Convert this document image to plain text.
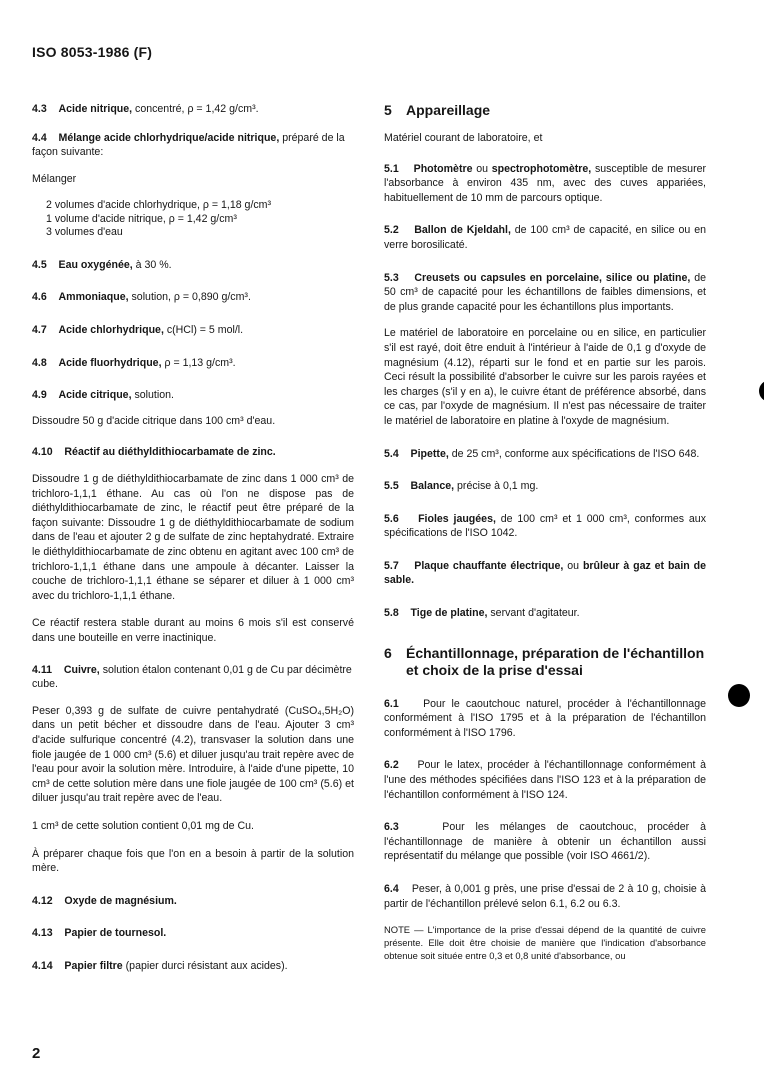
ISO 8053-1986 (F)
4.3 Acide nitrique, concentré, ρ = 1,42 g/cm³.
4.4 Mélange acide chlorhydrique/acide nitrique, préparé de la façon suivante:
Mélanger
2 volumes d'acide chlorhydrique, ρ = 1,18 g/cm³
1 volume d'acide nitrique, ρ = 1,42 g/cm³
3 volumes d'eau
4.5 Eau oxygénée, à 30 %.
4.6 Ammoniaque, solution, ρ = 0,890 g/cm³.
4.7 Acide chlorhydrique, c(HCl) = 5 mol/l.
4.8 Acide fluorhydrique, ρ = 1,13 g/cm³.
4.9 Acide citrique, solution.
Dissoudre 50 g d'acide citrique dans 100 cm³ d'eau.
4.10 Réactif au diéthyldithiocarbamate de zinc.
Dissoudre 1 g de diéthyldithiocarbamate de zinc dans 1 000 cm³ de trichloro-1,1,1 éthane. Au cas où l'on ne dispose pas de diéthyldithiocarbamate de zinc, le réactif peut être préparé de la façon suivante: Dissoudre 1 g de diéthyldithiocarbamate de sodium dans de l'eau et ajouter 2 g de sulfate de zinc heptahydraté. Extraire le diéthyldithiocarbamate de zinc obtenu en agitant avec 100 cm³ de trichloro-1,1,1 éthane dans une ampoule à décanter. Laisser la couche de trichloro-1,1,1 éthane se séparer et diluer à 1 000 cm³ avec du trichloro-1,1,1 éthane.
Ce réactif restera stable durant au moins 6 mois s'il est conservé dans une bouteille en verre inactinique.
4.11 Cuivre, solution étalon contenant 0,01 g de Cu par décimètre cube.
Peser 0,393 g de sulfate de cuivre pentahydraté (CuSO₄,5H₂O) dans un petit bécher et dissoudre dans de l'eau. Ajouter 3 cm³ d'acide sulfurique concentré (4.2), transvaser la solution dans une fiole jaugée de 1 000 cm³ (5.6) et diluer jusqu'au trait repère avec de l'eau pour avoir la solution mère. Introduire, à l'aide d'une pipette, 10 cm³ de cette solution mère dans une fiole jaugée de 100 cm³ (5.6) et diluer jusqu'au trait repère avec de l'eau.
1 cm³ de cette solution contient 0,01 mg de Cu.
À préparer chaque fois que l'on en a besoin à partir de la solution mère.
4.12 Oxyde de magnésium.
4.13 Papier de tournesol.
4.14 Papier filtre (papier durci résistant aux acides).
5 Appareillage
Matériel courant de laboratoire, et
5.1 Photomètre ou spectrophotomètre, susceptible de mesurer l'absorbance à environ 435 nm, avec des cuves appariées, habituellement de 10 mm de parcours optique.
5.2 Ballon de Kjeldahl, de 100 cm³ de capacité, en silice ou en verre borosilicaté.
5.3 Creusets ou capsules en porcelaine, silice ou platine, de 50 cm³ de capacité pour les échantillons de faibles dimensions, et de plus grande capacité pour les échantillons plus importants.
Le matériel de laboratoire en porcelaine ou en silice, en particulier s'il est rayé, doit être enduit à l'intérieur à l'aide de 0,1 g d'oxyde de magnésium (4.12), réparti sur le fond et en partie sur les parois. Ceci résult la possibilité d'absorber le cuivre sur les parois rayées et les charges (s'il y en a), le cuivre étant de préférence absorbé, dans ce cas, par l'oxyde de magnésium. Il n'est pas nécessaire de traiter le matériel de laboratoire en platine à l'oxyde de magnésium.
5.4 Pipette, de 25 cm³, conforme aux spécifications de l'ISO 648.
5.5 Balance, précise à 0,1 mg.
5.6 Fioles jaugées, de 100 cm³ et 1 000 cm³, conformes aux spécifications de l'ISO 1042.
5.7 Plaque chauffante électrique, ou brûleur à gaz et bain de sable.
5.8 Tige de platine, servant d'agitateur.
6	Échantillonnage, préparation de l'échantillon et choix de la prise d'essai
6.1 Pour le caoutchouc naturel, procéder à l'échantillonnage conformément à l'ISO 1795 et à la préparation de l'échantillon conformément à l'ISO 1796.
6.2 Pour le latex, procéder à l'échantillonnage conformément à l'une des méthodes spécifiées dans l'ISO 123 et à la préparation de l'échantillon conformément à l'ISO 124.
6.3	Pour les mélanges de caoutchouc, procéder à l'échantillonnage de manière à obtenir un échantillon aussi représentatif du mélange que possible (voir ISO 4661/2).
6.4 Peser, à 0,001 g près, une prise d'essai de 2 à 10 g, choisie à partir de l'échantillon prélevé selon 6.1, 6.2 ou 6.3.
NOTE — L'importance de la prise d'essai dépend de la quantité de cuivre présente. Elle doit être choisie de manière que l'indication d'absorbance obtenue soit située entre 0,3 et 0,8 unité d'absorbance, ou
2
